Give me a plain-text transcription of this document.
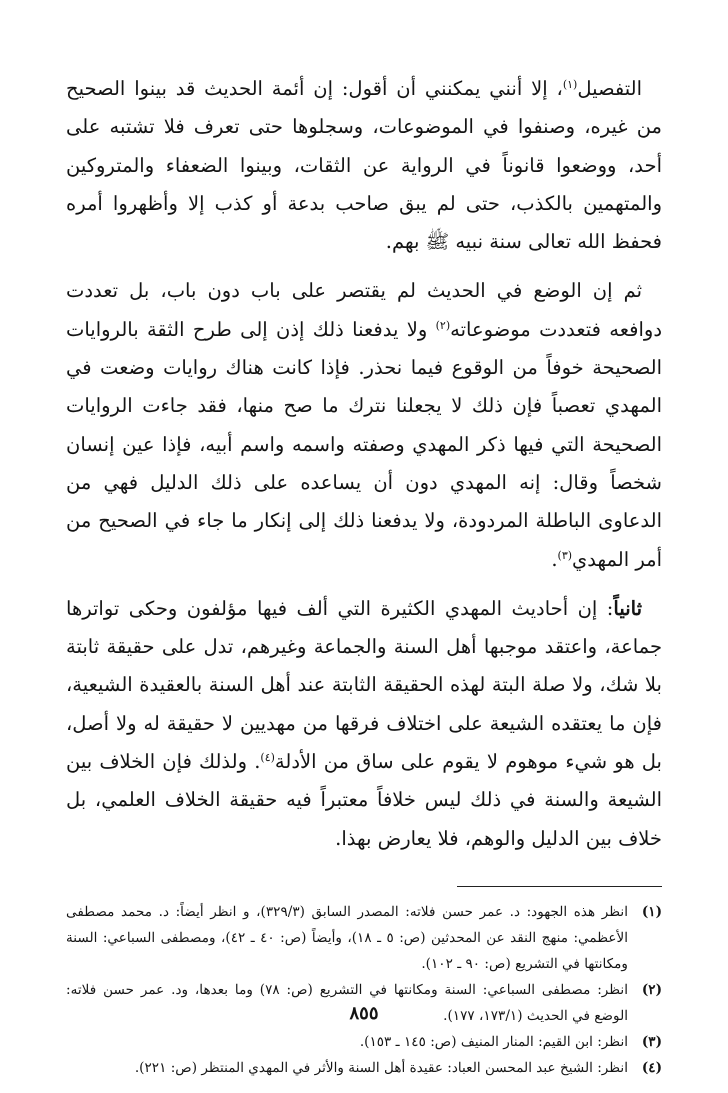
التفصيل$^{(١)}$، إلا أنني يمكنني أن أقول: إن أئمة الحديث قد بينوا الصحيح من غيره، وصنفوا في الموضوعات، وسجلوها حتى تعرف فلا تشتبه على أحد، ووضعوا قانوناً في الرواية عن الثقات، وبينوا الضعفاء والمتروكين والمتهمين بالكذب، حتى لم يبق صاحب بدعة أو كذب إلا وأظهروا أمره فحفظ الله تعالى سنة نبيه ﷺ بهم.

ثم إن الوضع في الحديث لم يقتصر على باب دون باب، بل تعددت دوافعه فتعددت موضوعاته$^{(٢)}$ ولا يدفعنا ذلك إذن إلى طرح الثقة بالروايات الصحيحة خوفاً من الوقوع فيما نحذر. فإذا كانت هناك روايات وضعت في المهدي تعصباً فإن ذلك لا يجعلنا نترك ما صح منها، فقد جاءت الروايات الصحيحة التي فيها ذكر المهدي وصفته واسمه واسم أبيه، فإذا عين إنسان شخصاً وقال: إنه المهدي دون أن يساعده على ذلك الدليل فهي من الدعاوى الباطلة المردودة، ولا يدفعنا ذلك إلى إنكار ما جاء في الصحيح من أمر المهدي$^{(٣)}$.

ثانياً: إن أحاديث المهدي الكثيرة التي ألف فيها مؤلفون وحكى تواترها جماعة، واعتقد موجبها أهل السنة والجماعة وغيرهم، تدل على حقيقة ثابتة بلا شك، ولا صلة البتة لهذه الحقيقة الثابتة عند أهل السنة بالعقيدة الشيعية، فإن ما يعتقده الشيعة على اختلاف فرقها من مهديين لا حقيقة له ولا أصل، بل هو شيء موهوم لا يقوم على ساق من الأدلة$^{(٤)}$. ولذلك فإن الخلاف بين الشيعة والسنة في ذلك ليس خلافاً معتبراً فيه حقيقة الخلاف العلمي، بل خلاف بين الدليل والوهم، فلا يعارض بهذا.

(١)
انظر هذه الجهود: د. عمر حسن فلاته: المصدر السابق (٣٢٩/٣)، و انظر أيضاً: د. محمد مصطفى الأعظمي: منهج النقد عن المحدثين (ص: ٥ ـ ١٨)، وأيضاً (ص: ٤٠ ـ ٤٢)، ومصطفى السباعي: السنة ومكانتها في التشريع (ص: ٩٠ ـ ١٠٢).
(٢)
انظر: مصطفى السباعي: السنة ومكانتها في التشريع (ص: ٧٨) وما بعدها، ود. عمر حسن فلاته: الوضع في الحديث (١٧٣/١، ١٧٧).
(٣)
انظر: ابن القيم: المنار المنيف (ص: ١٤٥ ـ ١٥٣).
(٤)
انظر: الشيخ عبد المحسن العباد: عقيدة أهل السنة والأثر في المهدي المنتظر (ص: ٢٢١).
٨٥٥
